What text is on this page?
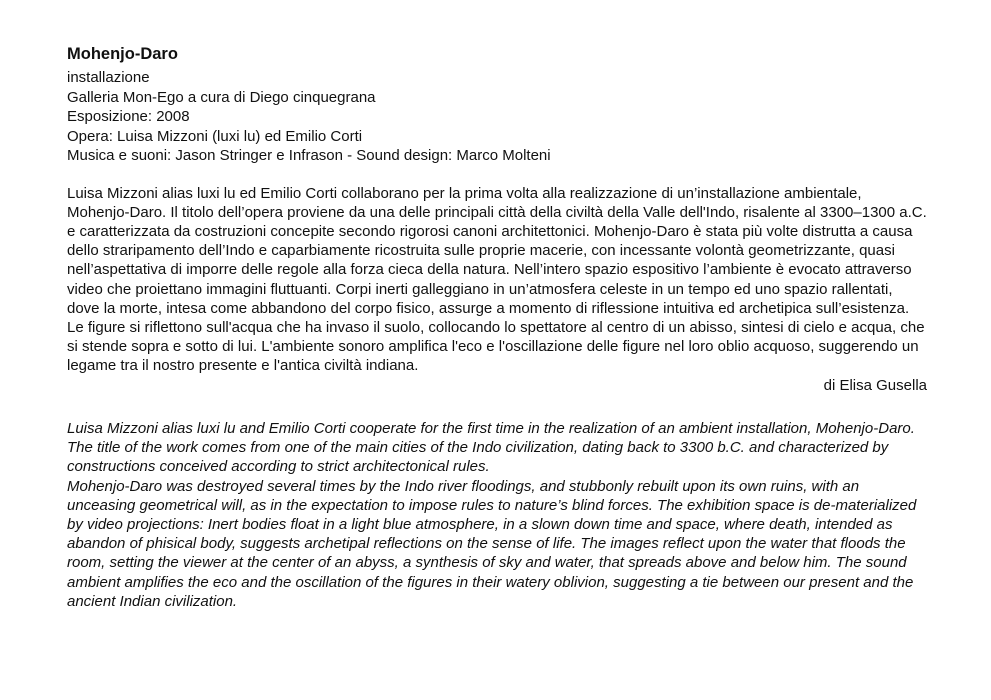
Mohenjo-Daro

installazione

Galleria Mon-Ego a cura di Diego cinquegrana

Esposizione: 2008

Opera: Luisa Mizzoni (luxi lu) ed Emilio Corti

Musica e suoni: Jason Stringer e Infrason - Sound design: Marco Molteni

Luisa Mizzoni alias luxi lu ed Emilio Corti collaborano per la prima volta alla realizzazione di un’installazione ambientale, Mohenjo-Daro. Il titolo dell’opera proviene da una delle principali città della civiltà della Valle dell'Indo, risalente al 3300–1300 a.C. e caratterizzata da costruzioni concepite secondo rigorosi canoni architettonici. Mohenjo-Daro è stata più volte distrutta a causa dello straripamento dell’Indo e caparbiamente ricostruita sulle proprie macerie, con incessante volontà geometrizzante, quasi nell’aspettativa di imporre delle regole alla forza cieca della natura. Nell’intero spazio espositivo l’ambiente è evocato attraverso video che proiettano immagini fluttuanti. Corpi inerti galleggiano in un’atmosfera celeste in un tempo ed uno spazio rallentati, dove la morte, intesa come abbandono del corpo fisico, assurge a momento di riflessione intuitiva ed archetipica sull’esistenza. Le figure si riflettono sull'acqua che ha invaso il suolo, collocando lo spettatore al centro di un abisso, sintesi di cielo e acqua, che si stende sopra e sotto di lui. L'ambiente sonoro amplifica l'eco e l'oscillazione delle figure nel loro oblio acquoso, suggerendo un legame tra il nostro presente e l'antica civiltà indiana.

di Elisa Gusella

Luisa Mizzoni alias luxi lu and Emilio Corti cooperate for the first time in the realization of an ambient installation, Mohenjo-Daro. The title of the work comes from one of the main cities of the Indo civilization, dating back to 3300 b.C. and characterized by constructions conceived according to strict architectonical rules.

Mohenjo-Daro was destroyed several times by the Indo river floodings, and stubbonly rebuilt upon its own ruins, with an unceasing geometrical will, as in the expectation to impose rules to nature’s blind forces. The exhibition space is de-materialized by video projections: Inert bodies float in a light blue atmosphere, in a slown down time and space, where death, intended as abandon of phisical body, suggests archetipal reflections on the sense of life. The images reflect upon the water that floods the room, setting the viewer at the center of an abyss, a synthesis of sky and water, that spreads above and below him. The sound ambient amplifies the eco and the oscillation of the figures in their watery oblivion, suggesting a tie between our present and the ancient Indian civilization.
